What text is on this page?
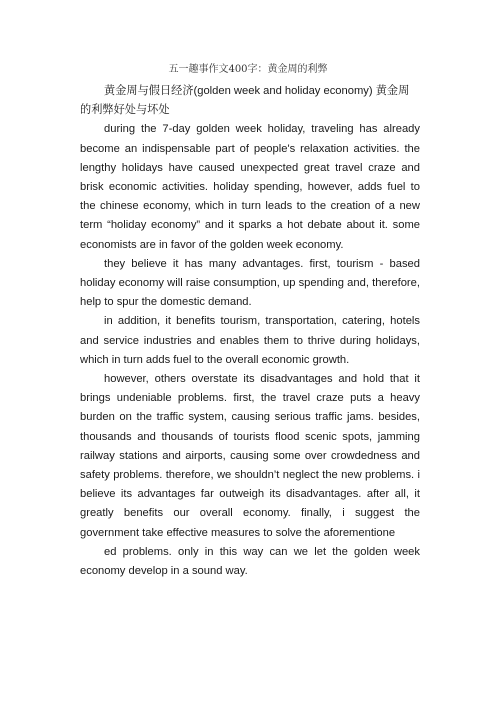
五一趣事作文400字：黄金周的利弊

黄金周与假日经济(golden week and holiday economy) 黄金周的利弊好处与坏处

during the 7-day golden week holiday, traveling has already become an indispensable part of people's relaxation activities. the lengthy holidays have caused unexpected great travel craze and brisk economic activities. holiday spending, however, adds fuel to the chinese economy, which in turn leads to the creation of a new term “holiday economy” and it sparks a hot debate about it. some economists are in favor of the golden week economy.

they believe it has many advantages. first, tourism - based holiday economy will raise consumption, up spending and, therefore, help to spur the domestic demand.

in addition, it benefits tourism, transportation, catering, hotels and service industries and enables them to thrive during holidays, which in turn adds fuel to the overall economic growth.

however, others overstate its disadvantages and hold that it brings undeniable problems. first, the travel craze puts a heavy burden on the traffic system, causing serious traffic jams. besides, thousands and thousands of tourists flood scenic spots, jamming railway stations and airports, causing some over crowdedness and safety problems. therefore, we shouldn’t neglect the new problems. i believe its advantages far outweigh its disadvantages. after all, it greatly benefits our overall economy. finally, i suggest the government take effective measures to solve the aforementione

ed problems. only in this way can we let the golden week economy develop in a sound way.
